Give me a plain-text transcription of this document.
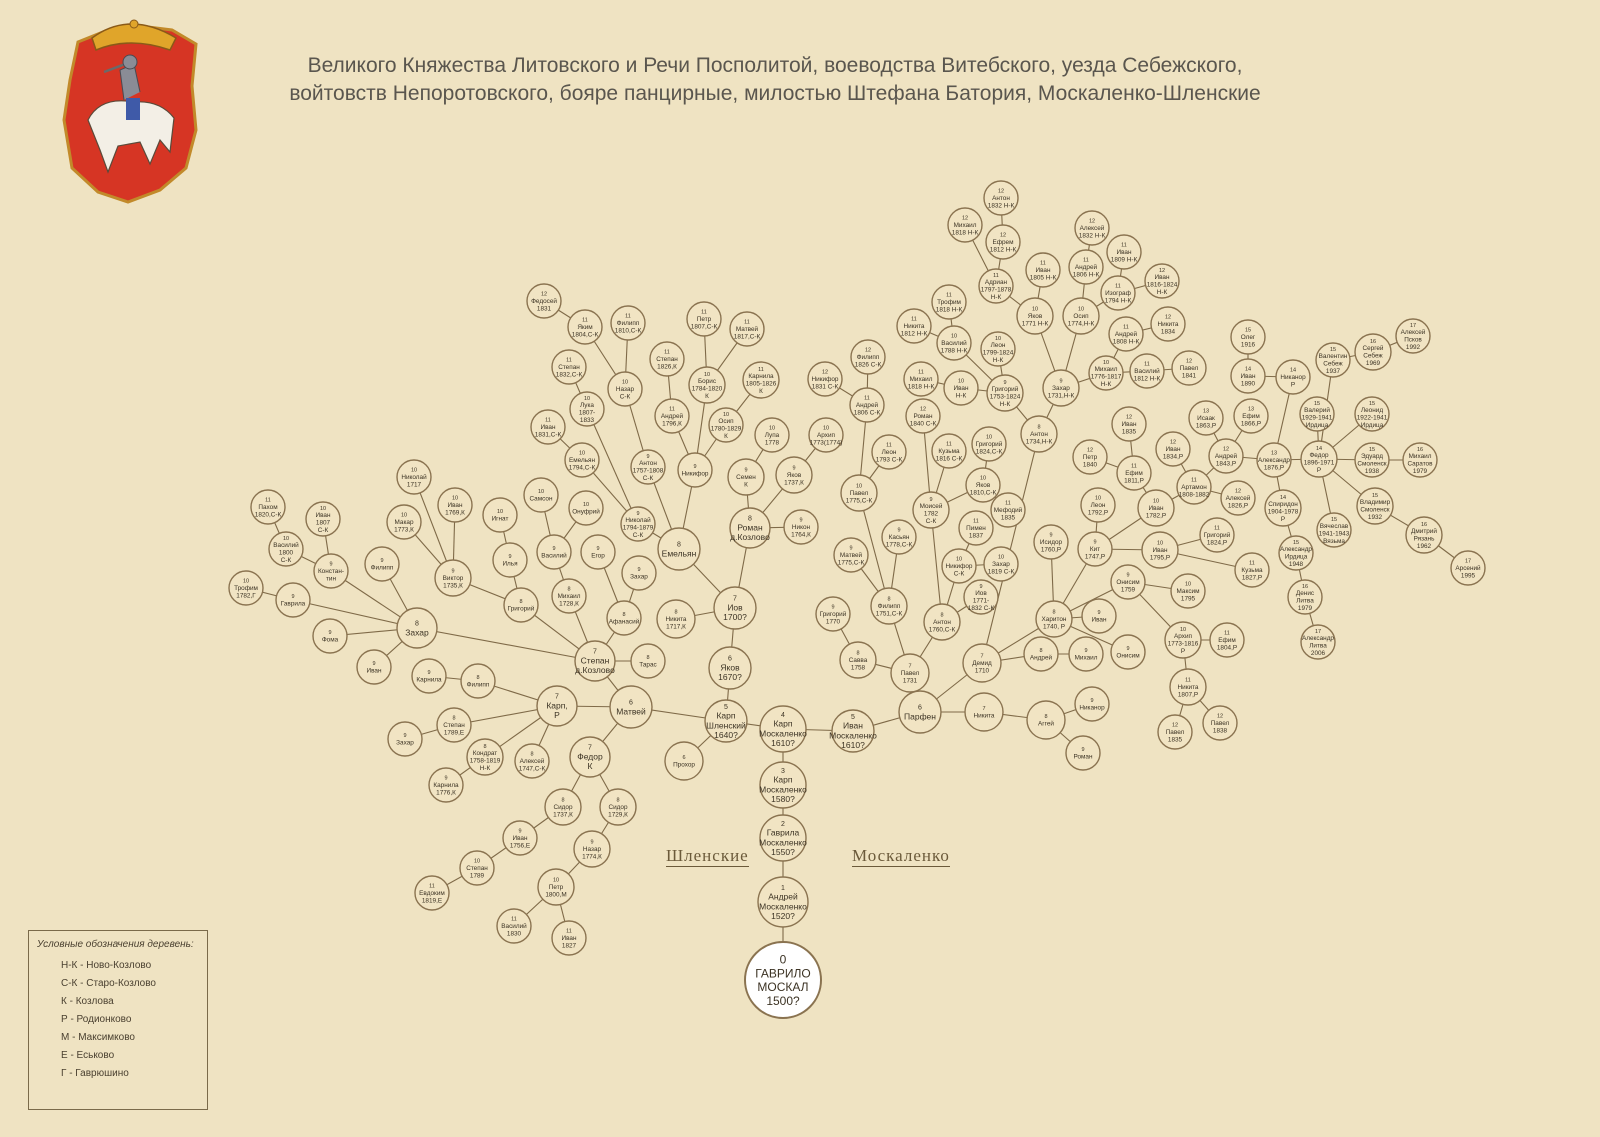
0
ГАВРИЛО
МОСКАЛ
1500?
1
Андрей
Москаленко
1520?
2
Гаврила
Москаленко
1550?
3
Карп
Москаленко
1580?
4
Карп
Москаленко
1610?
5
Иван
Москаленко
1610?
6
Парфен
5
Карп
Шленский
1640?
6
Прохор
6
Матвей
6
Яков
1670?
7
Иов
1700?
8
Никита
1717,К
8
Емельян
8
Роман
д.Козлово
9
Семен
К
9
Яков
1737,К
9
Никон
1764,К
10
Лупа
1778
10
Архип
1773(1774)
9
Никифор
9
Антон
1757-1808
С-К
9
Николай
1794-1879
С-К
10
Борис
1784-1820
К
10
Осип
1780-1829
К
11
Андрей
1796,К
11
Петр
1807,С-К
11
Матвей
1817,С-К
11
Карнила
1805-1826
К
11
Степан
1826,К
10
Назар
С-К
11
Филипп
1810,С-К
11
Яким
1804,С-К
12
Федосей
1831
10
Лука
1807-
1833
10
Емельян
1794,С-К
11
Степан
1832,С-К
11
Иван
1831,С-К
7
Степан
д.Козлово
8
Тарас
8
Афанасий
9
Егор
9
Захар
8
Михаил
1728,К
9
Василий
10
Самсон
10
Онуфрий
8
Григорий
9
Илья
10
Игнат
9
Виктор
1735,К
10
Николай
1717
10
Иван
1769,К
10
Макар
1773,К
8
Захар
9
Филипп
9
Констан-
тин
10
Василий
1800
С-К
10
Иван
1807
С-К
11
Пахом
1820,С-К
9
Гаврила
10
Трофим
1782,Г
9
Фома
9
Иван
7
Карп,
Р
8
Филипп
9
Карнила
8
Степан
1789,Е
9
Захар
8
Кондрат
1758-1819
Н-К
9
Карнила
1776,К
8
Алексей
1747,С-К
7
Федор
К
8
Сидор
1737,К
8
Сидор
1729,К
9
Иван
1756,Е
10
Степан
1789
11
Евдоким
1819,Е
9
Назар
1774,К
10
Петр
1800,М
11
Василий
1830	11
Иван
1827
7
Павел
1731
8
Савва
1758
9
Григорий
1770
8
Филипп
1751,С-К
9
Матвей
1775,С-К
9
Касьян
1778,С-К
10
Павел
1775,С-К
11
Андрей
1806 С-К
12
Никифор
1831 С-К
12
Филипп
1826 С-К
11
Леон
1793 С-К
8
Антон
1760,С-К
9
Моисей
1782
С-К
12
Роман
1840 С-К
11
Кузьма
1816 С-К
10
Яков
1810,С-К
10
Григорий
1824,С-К
11
Мефодий
1835
10
Никифор
С-К
11
Пимен
1837
10
Захар
1819 С-К
9
Иов
1771-
1832 С-К
7
Никита	8
Аггей
9
Никанор
9
Роман
7
Демид
1710
8
Андрей
9
Михаил
8
Антон
1734,Н-К
9
Захар
1731,Н-К
10
Осип
1774,Н-К
10
Михаил
1776-1817
Н-К
10
Яков
1771 Н-К
9
Григорий
1753-1824
Н-К
10
Иван
Н-К
11
Михаил
1818 Н-К
10
Леон
1799-1824
Н-К
10
Василий
1788 Н-К
11
Трофим
1818 Н-К
11
Никита
1812 Н-К
11
Адриан
1797-1878
Н-К
11
Иван
1805 Н-К
12
Ефрем
1812 Н-К
12
Михаил
1818 Н-К
12
Антон
1832 Н-К
11
Андрей
1806 Н-К
12
Алексей
1832 Н-К
11
Изограф
1794 Н-К
11
Иван
1809 Н-К
12
Иван
1816-1824
Н-К
11
Андрей
1808 Н-К
12
Никита
1834
11
Василий
1812 Н-К
12
Павел
1841
8
Харитон
1740, Р
9
Иван
9
Онисим
9
Исидор
1760,Р
9
Кит
1747,Р
9
Онисим
1759
10
Максим
1795
10
Архип
1773-1816
Р
11
Ефим
1804,Р
11
Никита
1807,Р
12
Павел
1835
12
Павел
1838
10
Леон
1792,Р
10
Иван
1782,Р
10
Иван
1795,Р
11
Григорий
1824,Р
11
Кузьма
1827,Р
11
Ефим
1811,Р
12
Петр
1840
12
Иван
1835
11
Артамон
1808-1882
12
Иван
1834,Р
12
Алексей
1826,Р
12
Андрей
1843,Р
13
Исаак
1863,Р
13
Ефим
1866,Р
13
Александр
1876,Р
14
Никанор
Р
14
Иван
1890
15
Олег
1916
14
Спиридон
1904-1978
Р
15
Александр
Ирдица
1948
16
Денис
Литва
1979
17
Александр
Литва
2006
14
Федор
1896-1971
Р
15
Валентин
Себеж
1937
16
Сергей
Себеж
1969
17
Алексей
Псков
1992
15
Валерий
1929-1941
Ирдица
15
Леонид
1922-1941
Ирдица
15
Эдуард
Смоленск
1938
16
Михаил
Саратов
1979
15
Владимир
Смоленск
1932
16
Дмитрий
Рязань
1962
17
Арсений
1995
15
Вячеслав
1941-1943
Вязьма
Великого Княжества Литовского и Речи Посполитой, воеводства Витебского, уезда Себежского,
войтовств Непоротовского, бояре панцирные, милостью Штефана Батория, Москаленко-Шленские
Шленские	Москаленко
Условные обозначения деревень:
Н-К - Ново-Козлово
С-К - Старо-Козлово
К - Козлова
Р - Родионково
М - Максимково
Е - Еськово
Г - Гаврюшино
